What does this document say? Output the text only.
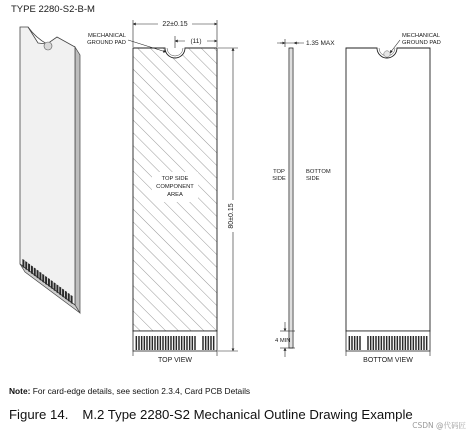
TYPE 2280-S2-B-M
22±0.15
(11)
MECHANICAL
GROUND PAD
TOP SIDE
COMPONENT
AREA
80±0.15
TOP VIEW
1.35 MAX
TOP
SIDE
BOTTOM
SIDE
4 MIN
MECHANICAL
GROUND PAD
BOTTOM VIEW
Note: For card-edge details, see section 2.3.4, Card PCB Details
Figure 14. M.2 Type 2280-S2 Mechanical Outline Drawing Example
CSDN @代码匠
